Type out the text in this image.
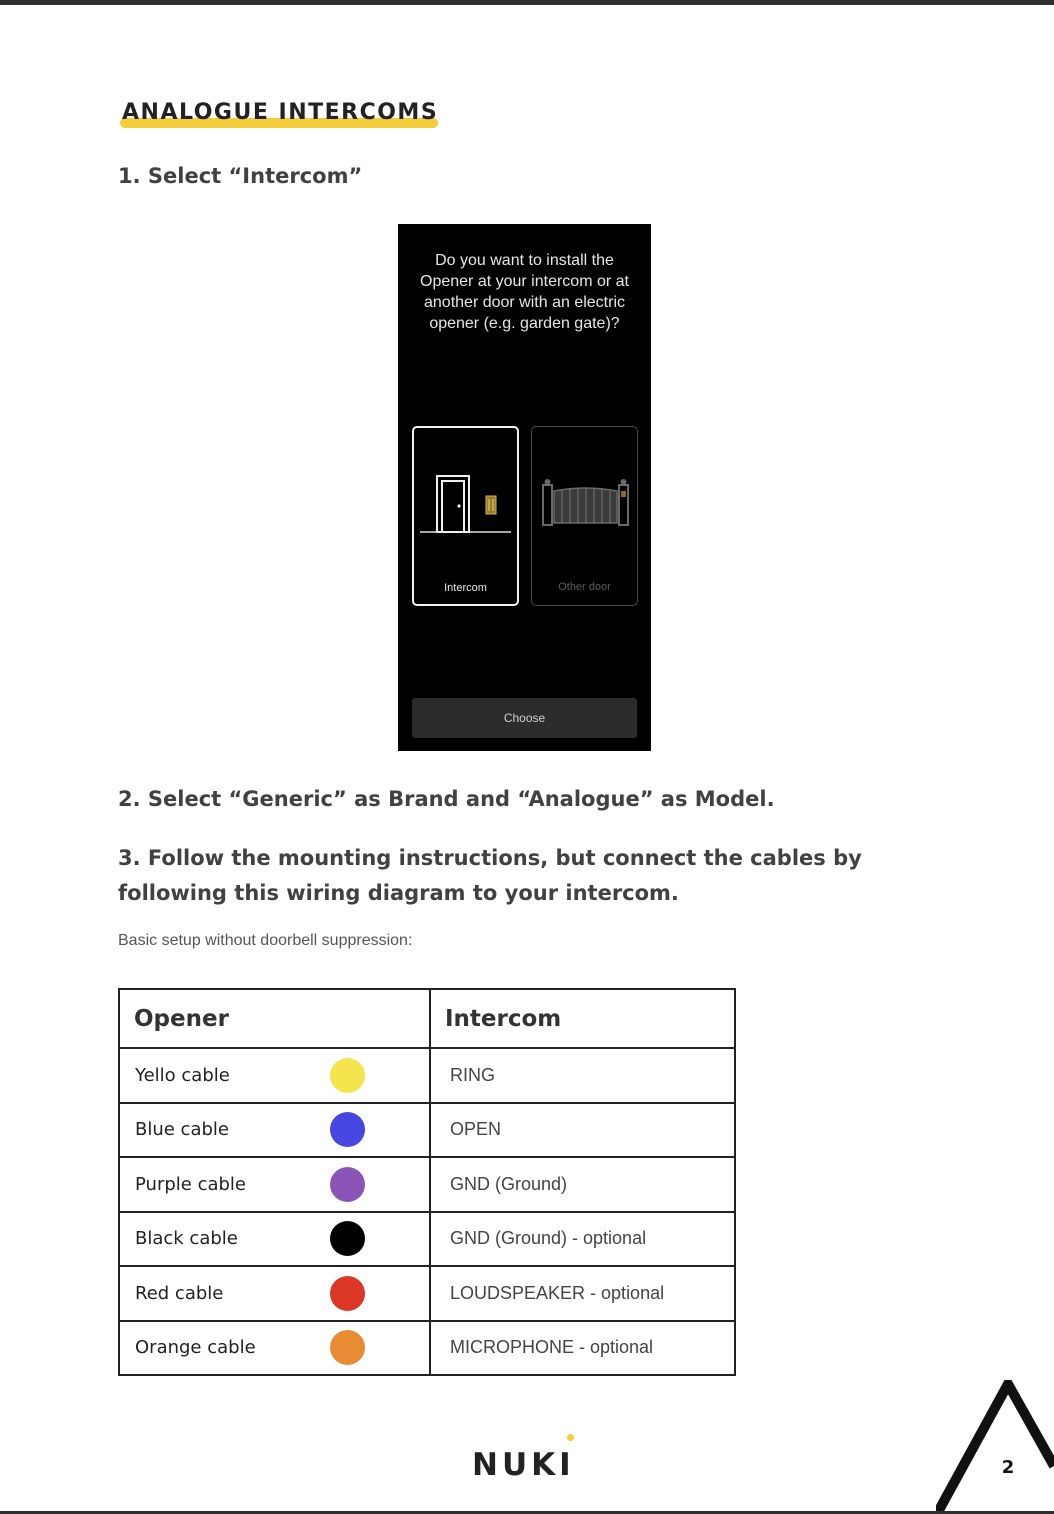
ANALOGUE INTERCOMS
1. Select “Intercom”
Do you want to install the
Opener at your intercom or at
another door with an electric
opener (e.g. garden gate)?
Intercom	Other door
Choose
2. Select “Generic” as Brand and “Analogue” as Model.
3. Follow the mounting instructions, but connect the cables by
following this wiring diagram to your intercom.
Basic setup without doorbell suppression:
Opener	Intercom
Yello cable	RING
Blue cable	OPEN
Purple cable	GND (Ground)
Black cable	GND (Ground) - optional
Red cable	LOUDSPEAKER - optional
Orange cable	MICROPHONE - optional
NUKI	2
